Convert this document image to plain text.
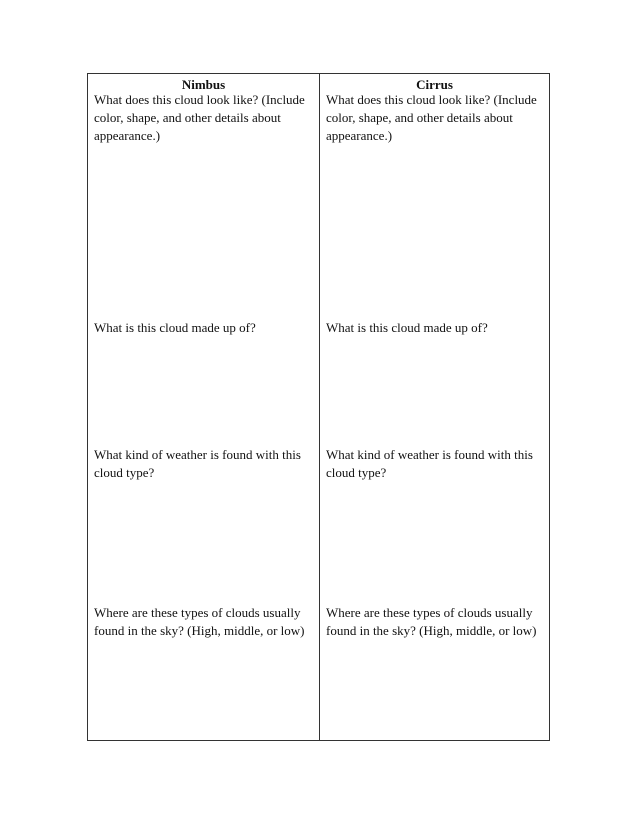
Nimbus

What does this cloud look like? (Include color, shape, and other details about appearance.)

What is this cloud made up of?

What kind of weather is found with this cloud type?

Where are these types of clouds usually found in the sky? (High, middle, or low)

Cirrus

What does this cloud look like? (Include color, shape, and other details about appearance.)

What is this cloud made up of?

What kind of weather is found with this cloud type?

Where are these types of clouds usually found in the sky? (High, middle, or low)
